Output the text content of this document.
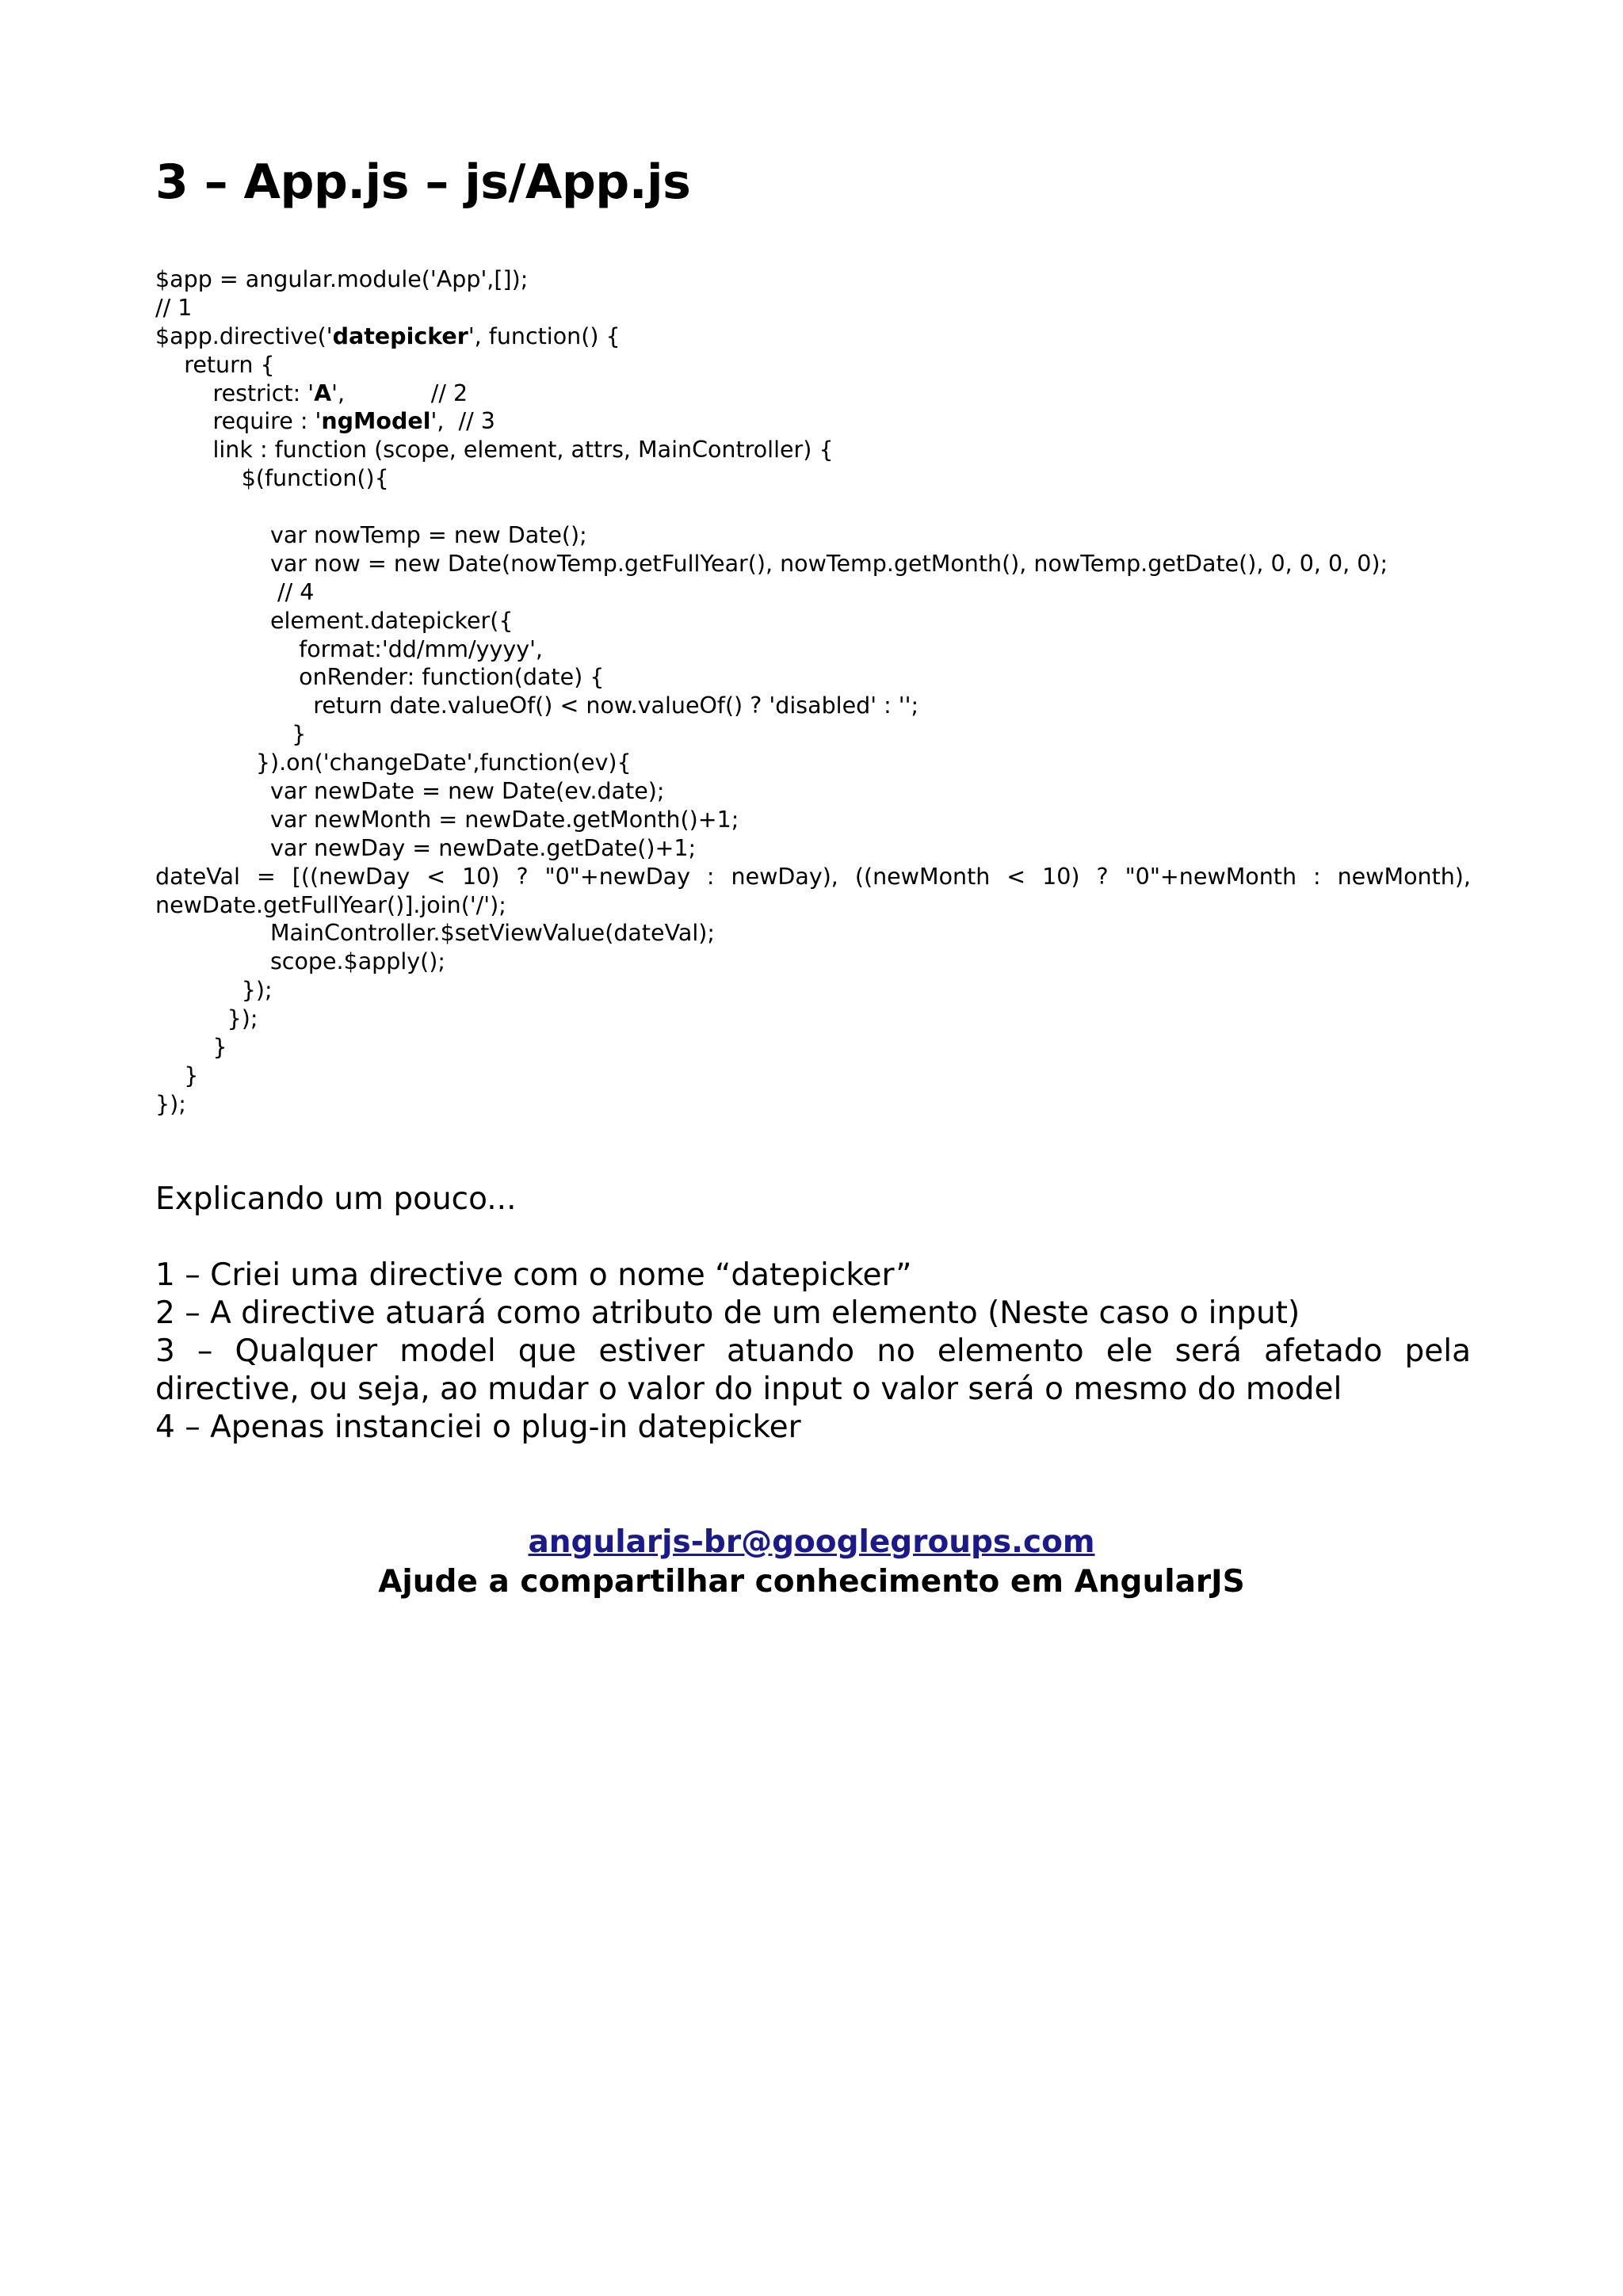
3 – App.js – js/App.js
$app = angular.module('App',[]);
// 1
$app.directive('datepicker', function() {
return {
restrict: 'A',            // 2
require : 'ngModel',  // 3
link : function (scope, element, attrs, MainController) {
$(function(){

var nowTemp = new Date();
var now = new Date(nowTemp.getFullYear(), nowTemp.getMonth(), nowTemp.getDate(), 0, 0, 0, 0);
// 4
element.datepicker({
format:'dd/mm/yyyy',
onRender: function(date) {
return date.valueOf() < now.valueOf() ? 'disabled' : '';
}
}).on('changeDate',function(ev){
var newDate = new Date(ev.date);
var newMonth = newDate.getMonth()+1;
var newDay = newDate.getDate()+1;
dateVal = [((newDay < 10) ? "0"+newDay : newDay), ((newMonth < 10) ? "0"+newMonth : newMonth),
newDate.getFullYear()].join('/');
MainController.$setViewValue(dateVal);
scope.$apply();
});
});
}
}
});

Explicando um pouco...

1 – Criei uma directive com o nome “datepicker”

2 – A directive atuará como atributo de um elemento (Neste caso o input)

3 – Qualquer model que estiver atuando no elemento ele será afetado pela directive, ou seja, ao mudar o valor do input o valor será o mesmo do model

4 – Apenas instanciei o plug-in datepicker

angularjs-br@googlegroups.com
Ajude a compartilhar conhecimento em AngularJS
